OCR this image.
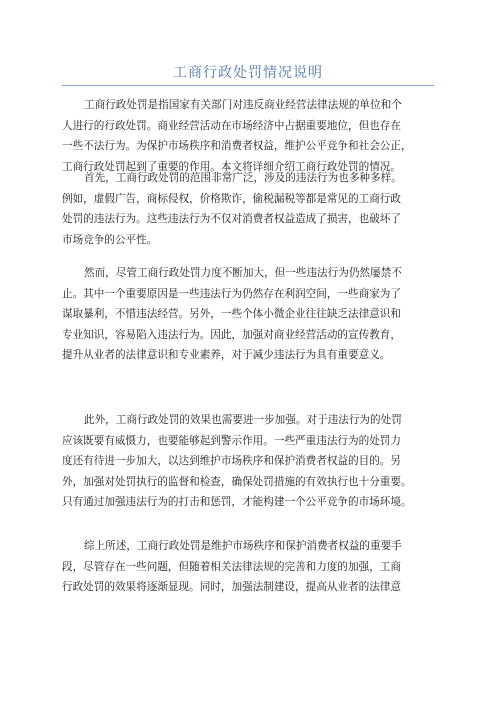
工商行政处罚情况说明
工商行政处罚是指国家有关部门对违反商业经营法律法规的单位和个
人进行的行政处罚。商业经营活动在市场经济中占据重要地位，但也存在
一些不法行为。为保护市场秩序和消费者权益，维护公平竞争和社会公正，
工商行政处罚起到了重要的作用。本文将详细介绍工商行政处罚的情况。
首先，工商行政处罚的范围非常广泛，涉及的违法行为也多种多样。
例如，虚假广告，商标侵权，价格欺诈，偷税漏税等都是常见的工商行政
处罚的违法行为。这些违法行为不仅对消费者权益造成了损害，也破坏了
市场竞争的公平性。
然而，尽管工商行政处罚力度不断加大，但一些违法行为仍然屡禁不
止。其中一个重要原因是一些违法行为仍然存在利润空间，一些商家为了
谋取暴利，不惜违法经营。另外，一些个体小微企业往往缺乏法律意识和
专业知识，容易陷入违法行为。因此，加强对商业经营活动的宣传教育，
提升从业者的法律意识和专业素养，对于减少违法行为具有重要意义。
此外，工商行政处罚的效果也需要进一步加强。对于违法行为的处罚
应该既要有威慑力，也要能够起到警示作用。一些严重违法行为的处罚力
度还有待进一步加大，以达到维护市场秩序和保护消费者权益的目的。另
外，加强对处罚执行的监督和检查，确保处罚措施的有效执行也十分重要。
只有通过加强违法行为的打击和惩罚，才能构建一个公平竞争的市场环境。
综上所述，工商行政处罚是维护市场秩序和保护消费者权益的重要手
段，尽管存在一些问题，但随着相关法律法规的完善和力度的加强，工商
行政处罚的效果将逐渐显现。同时，加强法制建设，提高从业者的法律意
